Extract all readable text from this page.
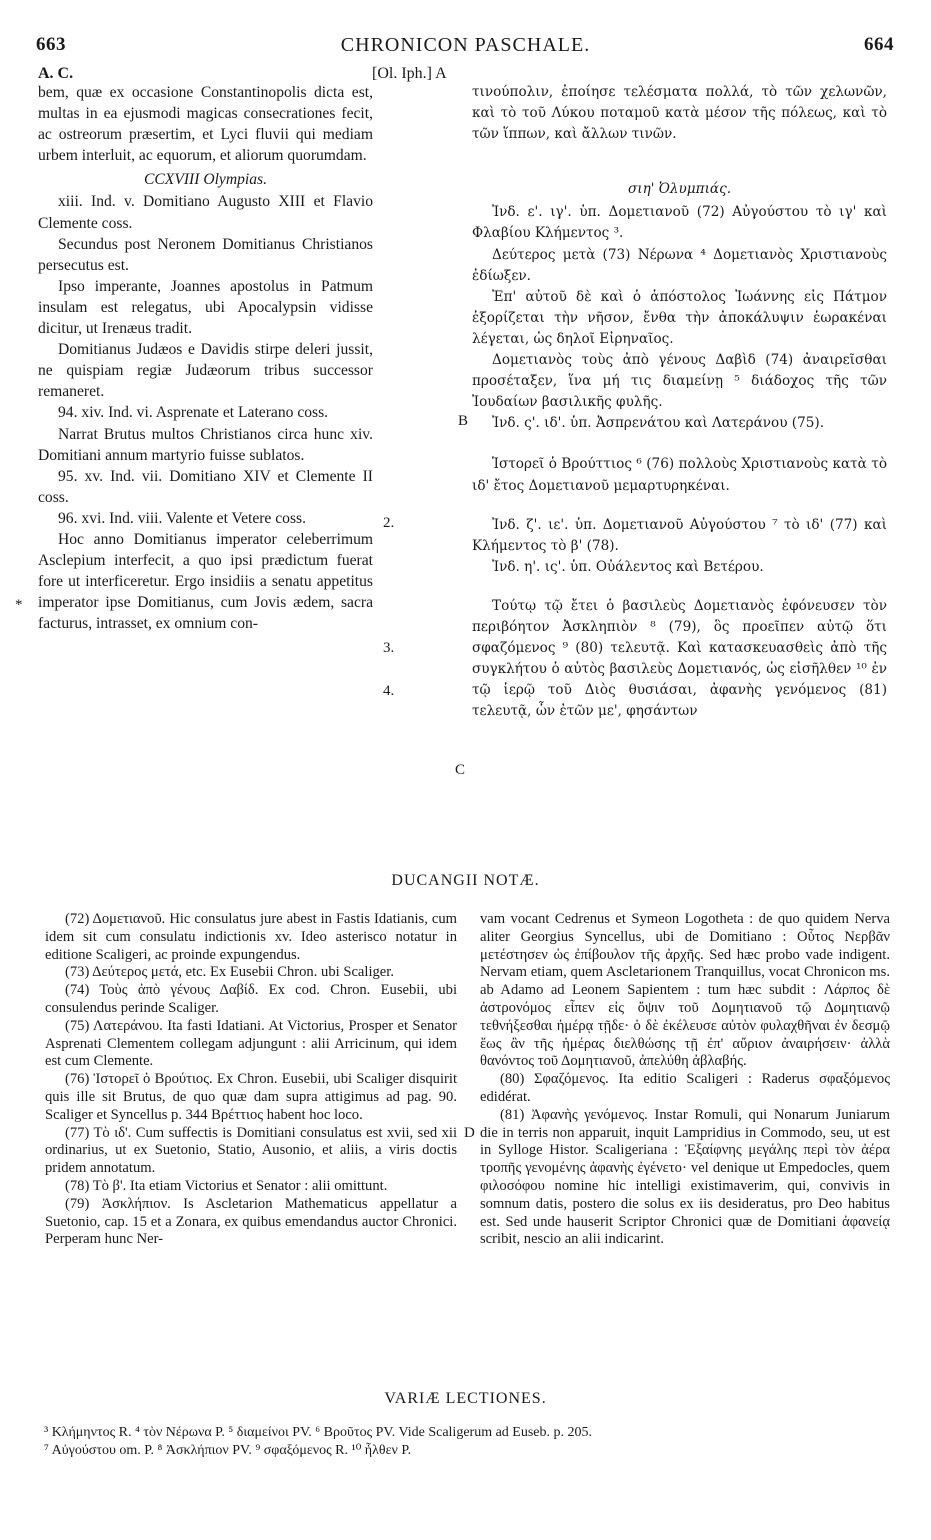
663	CHRONICON PASCHALE.	664
A. C.	[Ol. Iph.] A

bem, quæ ex occasione Constantinopolis dicta est, multas in ea ejusmodi magicas consecrationes fecit, ac ostreorum præsertim, et Lyci fluvii qui mediam urbem interluit, ac equorum, et aliorum quorumdam.

CCXVIII Olympias.

xiii. Ind. v. Domitiano Augusto XIII et Flavio Clemente coss.

Secundus post Neronem Domitianus Christianos persecutus est.

Ipso imperante, Joannes apostolus in Patmum insulam est relegatus, ubi Apocalypsin vidisse dicitur, ut Irenæus tradit.

Domitianus Judæos e Davidis stirpe deleri jussit, ne quispiam regiæ Judæorum tribus successor remaneret.

94. xiv. Ind. vi. Asprenate et Laterano coss.

Narrat Brutus multos Christianos circa hunc xiv. Domitiani annum martyrio fuisse sublatos.

95. xv. Ind. vii. Domitiano XIV et Clemente II coss.

96. xvi. Ind. viii. Valente et Vetere coss.

Hoc anno Domitianus imperator celeberrimum Asclepium interfecit, a quo ipsi prædictum fuerat fore ut interficeretur. Ergo insidiis a senatu appetitus imperator ipse Domitianus, cum Jovis ædem, sacra facturus, intrasset, ex omnium con-

τινούπολιν, ἐποίησε τελέσματα πολλά, τὸ τῶν χελωνῶν, καὶ τὸ τοῦ Λύκου ποταμοῦ κατὰ μέσον τῆς πόλεως, καὶ τὸ τῶν ἵππων, καὶ ἄλλων τινῶν.

σιη' Ὀλυμπιάς.

Ἰνδ. ε'. ιγ'. ὑπ. Δομετιανοῦ (72) Αὐγούστου τὸ ιγ' καὶ Φλαβίου Κλήμεντος ³.

Δεύτερος μετὰ (73) Νέρωνα ⁴ Δομετιανὸς Χριστιανοὺς ἐδίωξεν.

Ἐπ' αὐτοῦ δὲ καὶ ὁ ἀπόστολος Ἰωάννης εἰς Πάτμον ἐξορίζεται τὴν νῆσον, ἔνθα τὴν ἀποκάλυψιν ἑωρακέναι λέγεται, ὡς δηλοῖ Εἰρηναῖος.

Δομετιανὸς τοὺς ἀπὸ γένους Δαβὶδ (74) ἀναιρεῖσθαι προσέταξεν, ἵνα μή τις διαμείνῃ ⁵ διάδοχος τῆς τῶν Ἰουδαίων βασιλικῆς φυλῆς.

Ἰνδ. ς'. ιδ'. ὑπ. Ἀσπρενάτου καὶ Λατεράνου (75).

Ἱστορεῖ ὁ Βρούττιος ⁶ (76) πολλοὺς Χριστιανοὺς κατὰ τὸ ιδ' ἔτος Δομετιανοῦ μεμαρτυρηκέναι.

Ἰνδ. ζ'. ιε'. ὑπ. Δομετιανοῦ Αὐγούστου ⁷ τὸ ιδ' (77) καὶ Κλήμεντος τὸ β' (78).

Ἰνδ. η'. ις'. ὑπ. Οὐάλεντος καὶ Βετέρου.

Τούτῳ τῷ ἔτει ὁ βασιλεὺς Δομετιανὸς ἐφόνευσεν τὸν περιβόητον Ἀσκληπιὸν ⁸ (79), ὃς προεῖπεν αὐτῷ ὅτι σφαζόμενος ⁹ (80) τελευτᾷ. Καὶ κατασκευασθεὶς ἀπὸ τῆς συγκλήτου ὁ αὐτὸς βασιλεὺς Δομετιανός, ὡς εἰσῆλθεν ¹⁰ ἐν τῷ ἱερῷ τοῦ Διὸς θυσιάσαι, ἀφανὴς γενόμενος (81) τελευτᾷ, ὧν ἐτῶν με', φησάντων

B
C
2.
3.
4.
*
DUCANGII NOTÆ.

(72) Δομετιανοῦ. Hic consulatus jure abest in Fastis Idatianis, cum idem sit cum consulatu indictionis xv. Ideo asterisco notatur in editione Scaligeri, ac proinde expungendus.

(73) Δεύτερος μετά, etc. Ex Eusebii Chron. ubi Scaliger.

(74) Τοὺς ἀπὸ γένους Δαβίδ. Ex cod. Chron. Eusebii, ubi consulendus perinde Scaliger.

(75) Λατεράνου. Ita fasti Idatiani. At Victorius, Prosper et Senator Asprenati Clementem collegam adjungunt : alii Arricinum, qui idem est cum Clemente.

(76) Ἱστορεῖ ὁ Βρούτιος. Ex Chron. Eusebii, ubi Scaliger disquirit quis ille sit Brutus, de quo quæ dam supra attigimus ad pag. 90. Scaliger et Syncellus p. 344 Βρέττιος habent hoc loco.

(77) Τὸ ιδ'. Cum suffectis is Domitiani consulatus est xvii, sed xii ordinarius, ut ex Suetonio, Statio, Ausonio, et aliis, a viris doctis pridem annotatum.

(78) Τὸ β'. Ita etiam Victorius et Senator : alii omittunt.

(79) Ἀσκλήπιον. Is Ascletarion Mathematicus appellatur a Suetonio, cap. 15 et a Zonara, ex quibus emendandus auctor Chronici. Perperam hunc Ner-

D

vam vocant Cedrenus et Symeon Logotheta : de quo quidem Nerva aliter Georgius Syncellus, ubi de Domitiano : Οὗτος Νερβᾶν μετέστησεν ὡς ἐπίβουλον τῆς ἀρχῆς. Sed hæc probo vade indigent. Nervam etiam, quem Ascletarionem Tranquillus, vocat Chronicon ms. ab Adamo ad Leonem Sapientem : tum hæc subdit : Λάρπος δὲ ἀστρονόμος εἶπεν εἰς ὄψιν τοῦ Δομητιανοῦ τῷ Δομητιανῷ τεθνήξεσθαι ἡμέρᾳ τῇδε· ὁ δὲ ἐκέλευσε αὐτὸν φυλαχθῆναι ἐν δεσμῷ ἕως ἂν τῆς ἡμέρας διελθώσης τῇ ἐπ' αὔριον ἀναιρήσειν· ἀλλὰ θανόντος τοῦ Δομητιανοῦ, ἀπελύθη ἀβλαβής.

(80) Σφαζόμενος. Ita editio Scaligeri : Raderus σφαξόμενος edidérat.

(81) Ἀφανὴς γενόμενος. Instar Romuli, qui Nonarum Juniarum die in terris non apparuit, inquit Lampridius in Commodo, seu, ut est in Sylloge Histor. Scaligeriana : Ἐξαίφνης μεγάλης περὶ τὸν ἀέρα τροπῆς γενομένης ἀφανὴς ἐγένετο· vel denique ut Empedocles, quem φιλοσόφου nomine hic intelligi existimaverim, qui, convivis in somnum datis, postero die solus ex iis desideratus, pro Deo habitus est. Sed unde hauserit Scriptor Chronici quæ de Domitiani ἀφανείᾳ scribit, nescio an alii indicarint.

VARIÆ LECTIONES.

³ Κλήμηντος R. ⁴ τὸν Νέρωνα P. ⁵ διαμείνοι PV. ⁶ Βροῦτος PV. Vide Scaligerum ad Euseb. p. 205.

⁷ Αὐγούστου om. P. ⁸ Ἀσκλήπιον PV. ⁹ σφαξόμενος R. ¹⁰ ἦλθεν P.
